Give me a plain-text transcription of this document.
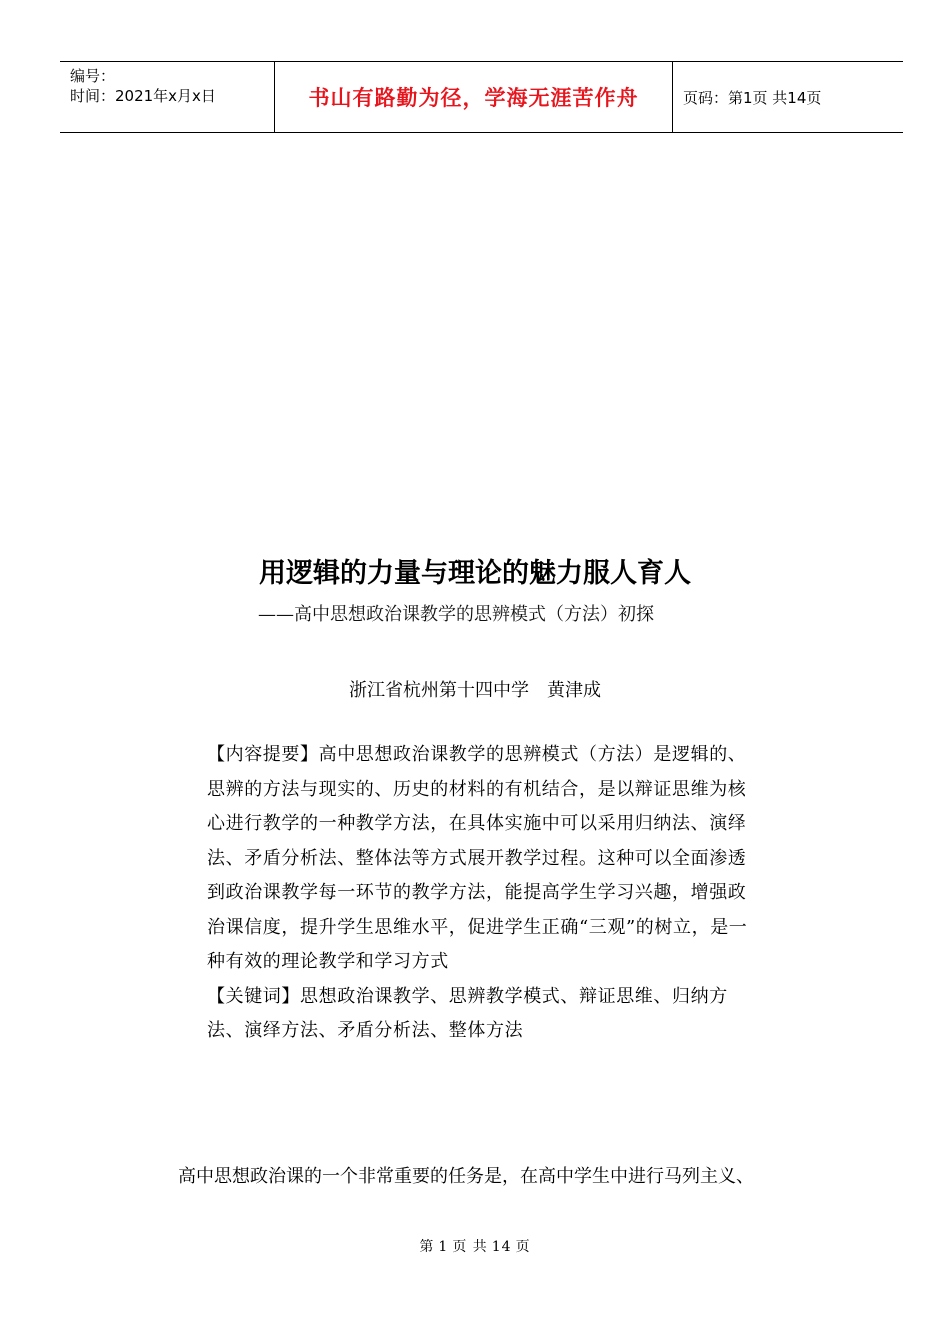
编号：
时间：2021年x月x日	书山有路勤为径，学海无涯苦作舟	页码：第1页 共14页
用逻辑的力量与理论的魅力服人育人
——高中思想政治课教学的思辨模式（方法）初探
浙江省杭州第十四中学　黄津成

【内容提要】高中思想政治课教学的思辨模式（方法）是逻辑的、思辨的方法与现实的、历史的材料的有机结合，是以辩证思维为核心进行教学的一种教学方法，在具体实施中可以采用归纳法、演绎法、矛盾分析法、整体法等方式展开教学过程。这种可以全面渗透到政治课教学每一环节的教学方法，能提高学生学习兴趣，增强政治课信度，提升学生思维水平，促进学生正确“三观”的树立，是一种有效的理论教学和学习方式

【关键词】思想政治课教学、思辨教学模式、辩证思维、归纳方法、演绎方法、矛盾分析法、整体方法

高中思想政治课的一个非常重要的任务是，在高中学生中进行马列主义、
第 1 页 共 14 页
